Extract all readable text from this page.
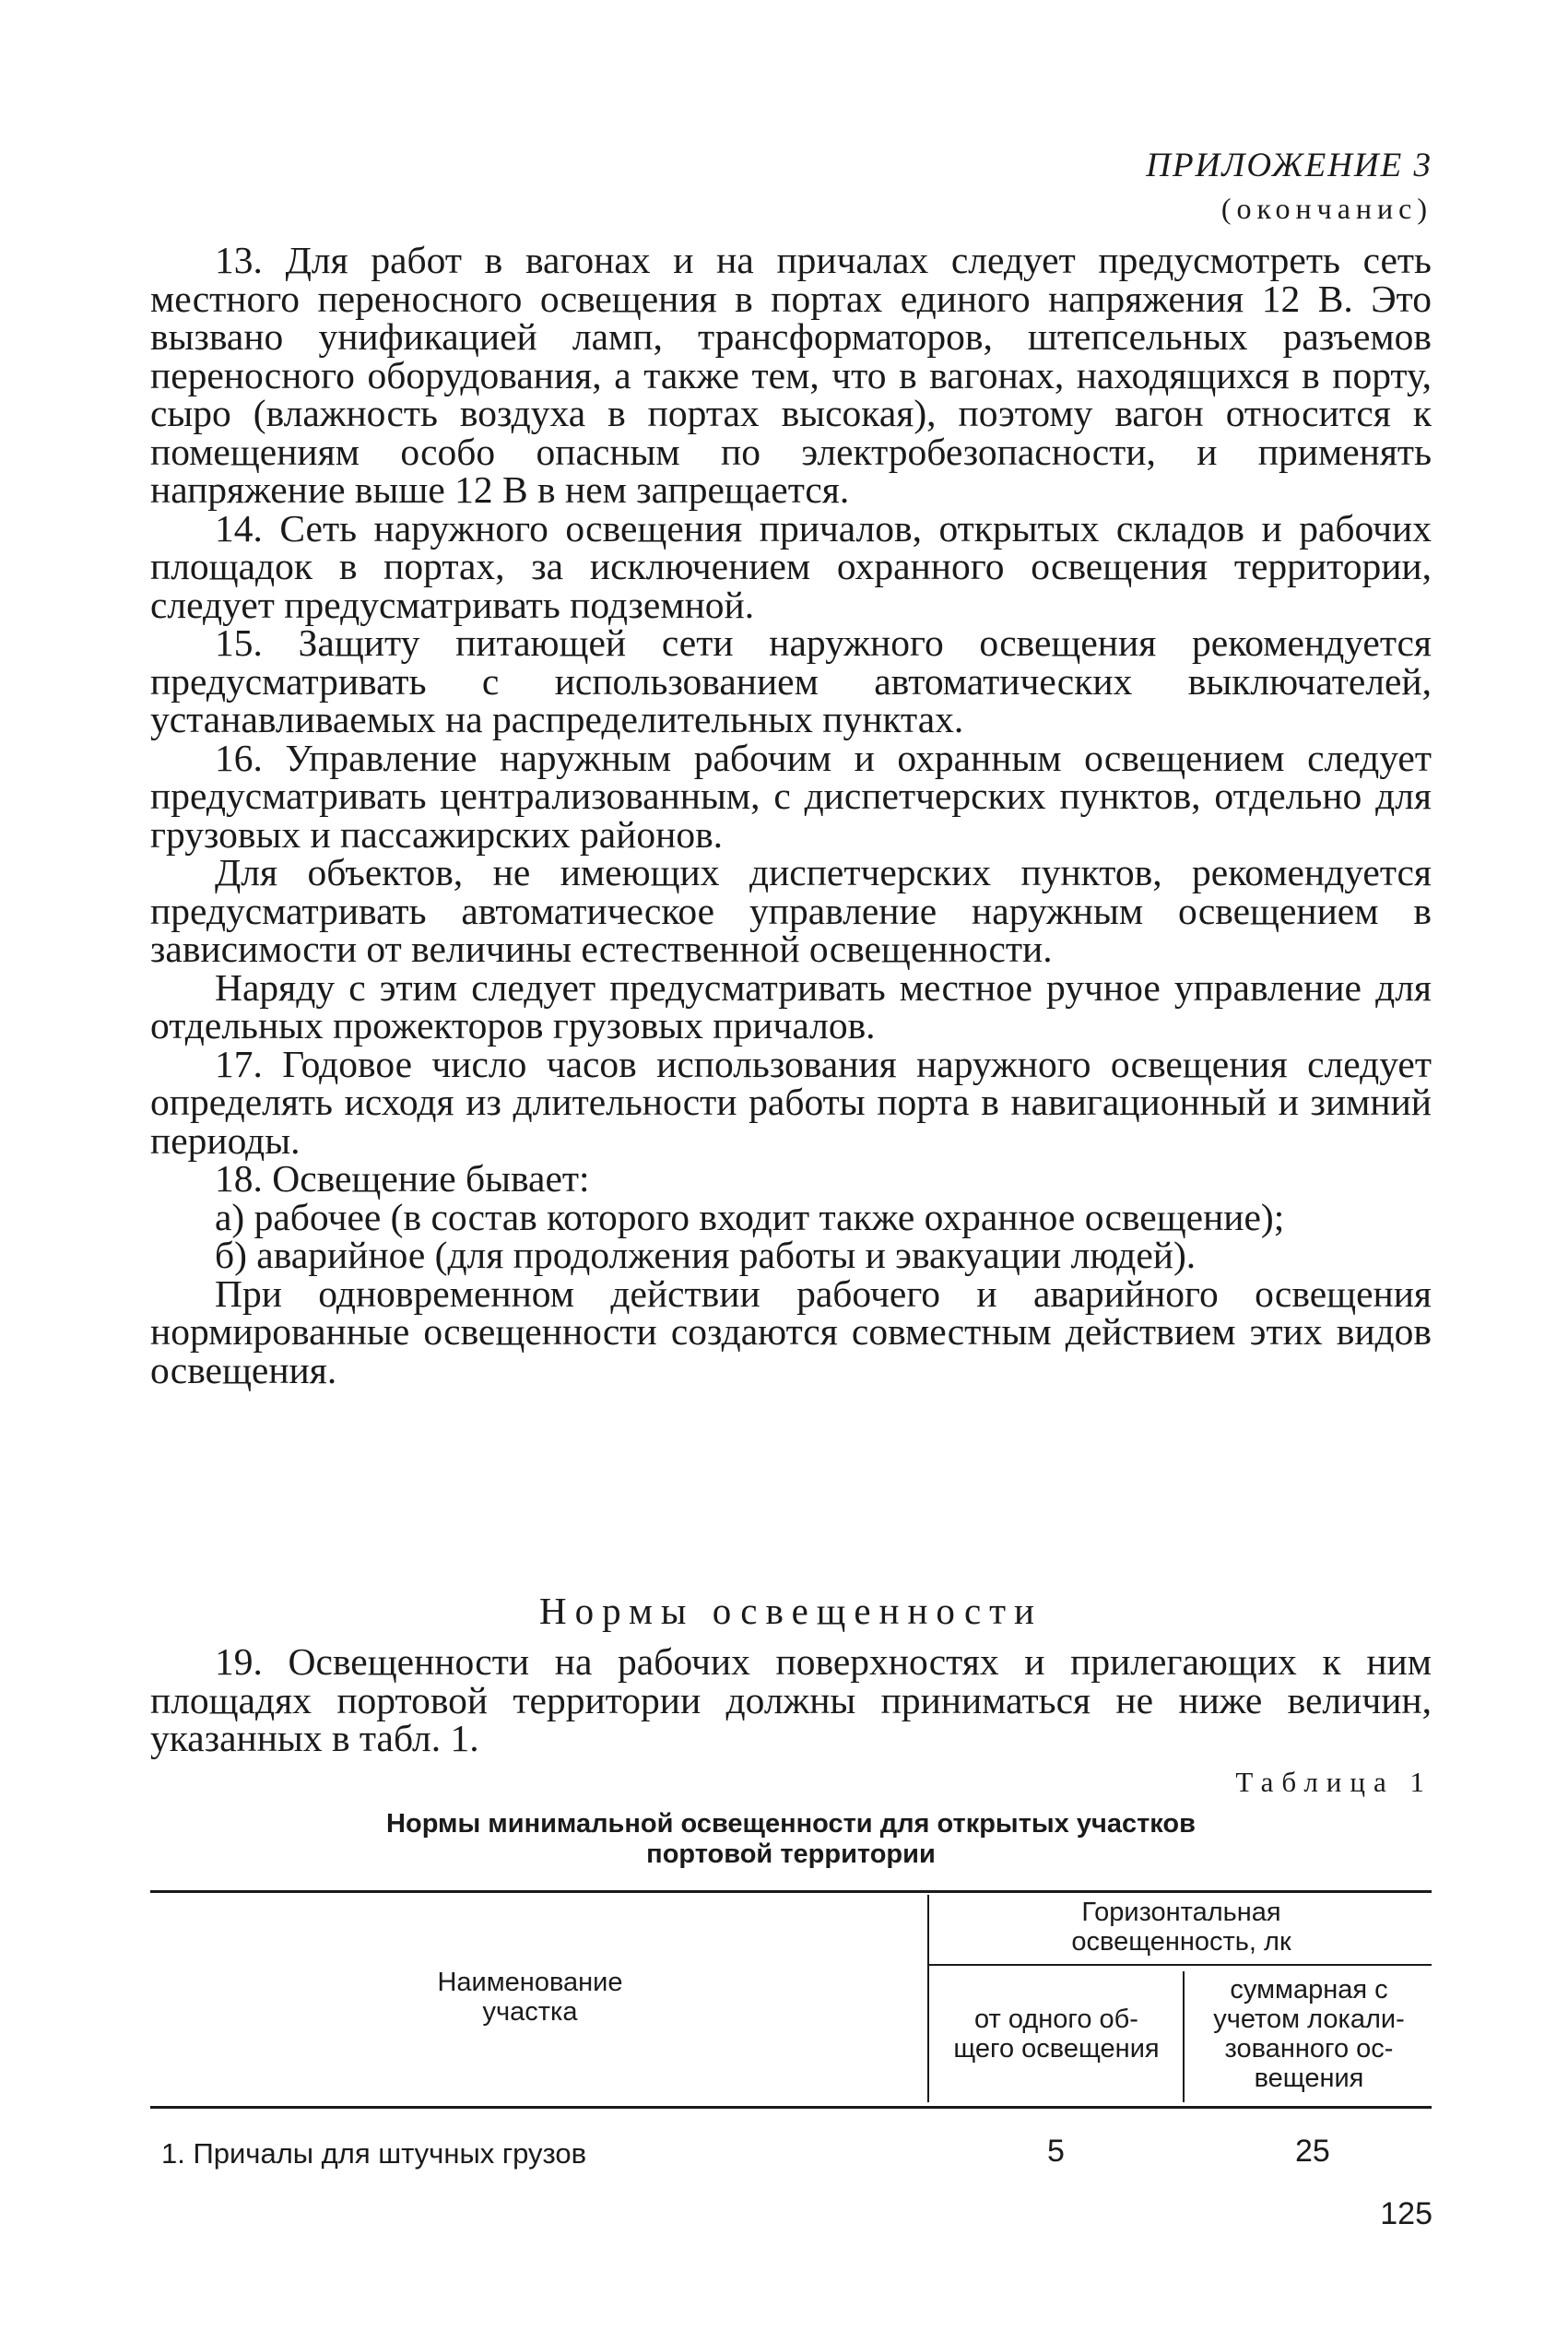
ПРИЛОЖЕНИЕ 3
(окончанис)

13. Для работ в вагонах и на причалах следует предусмотреть сеть местного переносного освещения в портах единого напряжения 12 В. Это вызвано унификацией ламп, трансформаторов, штепсельных разъемов переносного оборудования, а также тем, что в вагонах, находящихся в порту, сыро (влажность воздуха в портах высокая), поэтому вагон относится к помещениям особо опасным по электробезопасности, и применять напряжение выше 12 В в нем запрещается.

14. Сеть наружного освещения причалов, открытых складов и рабочих площадок в портах, за исключением охранного освещения территории, следует предусматривать подземной.

15. Защиту питающей сети наружного освещения рекомендуется предусматривать с использованием автоматических выключателей, устанавливаемых на распределительных пунктах.

16. Управление наружным рабочим и охранным освещением следует предусматривать централизованным, с диспетчерских пунктов, отдельно для грузовых и пассажирских районов.

Для объектов, не имеющих диспетчерских пунктов, рекомендуется предусматривать автоматическое управление наружным освещением в зависимости от величины естественной освещенности.

Наряду с этим следует предусматривать местное ручное управление для отдельных прожекторов грузовых причалов.

17. Годовое число часов использования наружного освещения следует определять исходя из длительности работы порта в навигационный и зимний периоды.

18. Освещение бывает:

а) рабочее (в состав которого входит также охранное освещение);

б) аварийное (для продолжения работы и эвакуации людей).

При одновременном действии рабочего и аварийного освещения нормированные освещенности создаются совместным действием этих видов освещения.

Нормы освещенности

19. Освещенности на рабочих поверхностях и прилегающих к ним площадях портовой территории должны приниматься не ниже величин, указанных в табл. 1.

Таблица 1
Нормы минимальной освещенности для открытых участков
портовой территории
Наименование
участка
Горизонтальная
освещенность, лк
от одного об-
щего освещения
суммарная с
учетом локали-
зованного ос-
вещения
1. Причалы для штучных грузов	5	25
125
